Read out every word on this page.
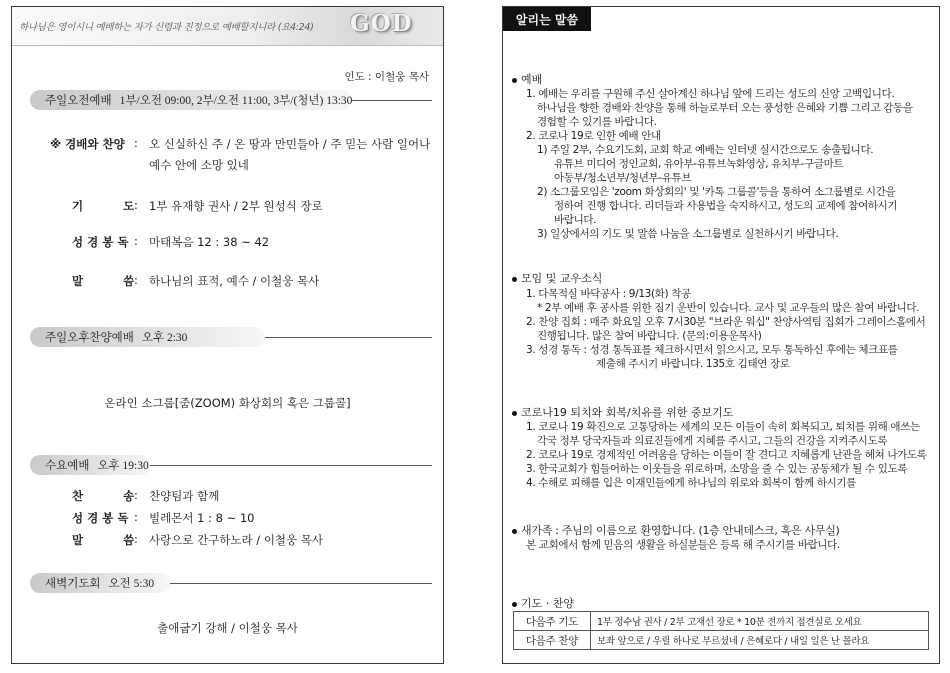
하나님은 영이시니 예배하는 자가 신령과 진정으로 예배할지니라 (요4:24) GOD
인도 : 이철웅 목사
주일오전예배 1부/오전 09:00, 2부/오전 11:00, 3부/(청년) 13:30
※ 경배와 찬양 : 오 신실하신 주 / 온 땅과 만민들아 / 주 믿는 사람 일어나
예수 안에 소망 있네
기          도 : 1부 유재향 권사 / 2부 원성식 장로
성 경 봉 독 : 마태복음 12 : 38 ~ 42
말          씀 : 하나님의 표적, 예수 / 이철웅 목사
주일오후찬양예배 오후 2:30
온라인 소그룹[줌(ZOOM) 화상회의 혹은 그룹콜]
수요예배 오후 19:30
찬          송 : 찬양팀과 함께
성 경 봉 독 : 빌레몬서 1 : 8 ~ 10
말          씀 : 사랑으로 간구하노라 / 이철웅 목사
새벽기도회 오전 5:30
출애굽기 강해 / 이철웅 목사
알리는 말씀
예배
1. 예배는 우리를 구원해 주신 살아계신 하나님 앞에 드리는 성도의 신앙 고백입니다.
하나님을 향한 경배와 찬양을 통해 하늘로부터 오는 풍성한 은혜와 기쁨 그리고 감동을
경험할 수 있기를 바랍니다.
2. 코로나 19로 인한 예배 안내
1) 주일 2부, 수요기도회, 교회 학교 예배는 인터넷 실시간으로도 송출됩니다.
유튜브 미디어 정인교회, 유아부-유튜브녹화영상, 유치부-구글마트
아동부/청소년부/청년부-유튜브
2) 소그룹모임은 'zoom 화상회의' 및 '카톡 그룹콜'등을 통하여 소그룹별로 시간을
정하여 진행 합니다. 리더들과 사용법을 숙지하시고, 성도의 교제에 참여하시기
바랍니다.
3) 일상에서의 기도 및 말씀 나눔을 소그룹별로 실천하시기 바랍니다.
모임 및 교우소식
1. 다목적실 바닥공사 : 9/13(화) 착공
* 2부 예배 후 공사를 위한 짐기 운반이 있습니다. 교사 및 교우들의 많은 참여 바랍니다.
2. 찬양 집회 : 매주 화요일 오후 7시30분 "브라운 워십" 찬양사역팀 집회가 그레이스홀에서
진행됩니다. 많은 참여 바랍니다. (문의:이용운목사)
3. 성경 통독 : 성경 통독표를 체크하시면서 읽으시고, 모두 통독하신 후에는 체크표를
제출해 주시기 바랍니다. 135호 김태연 장로
코로나19 퇴치와 회복/치유를 위한 중보기도
1. 코로나 19 확진으로 고통당하는 세계의 모든 이들이 속히 회복되고, 퇴치를 위해 애쓰는
각국 정부 당국자들과 의료진들에게 지혜를 주시고, 그들의 건강을 지켜주시도록
2. 코로나 19로 경제적인 어려움을 당하는 이들이 잘 견디고 지혜롭게 난관을 헤쳐 나가도록
3. 한국교회가 힘들어하는 이웃들을 위로하며, 소망을 줄 수 있는 공동체가 될 수 있도록
4. 수해로 피해를 입은 이재민들에게 하나님의 위로와 회복이 함께 하시기를
새가족 : 주님의 이름으로 환영합니다. (1층 안내데스크, 혹은 사무실)
본 교회에서 함께 믿음의 생활을 하실분들은 등록 해 주시기를 바랍니다.
기도 · 찬양
다음주 기도	1부 정수남 권사 / 2부 고재선 장로 * 10분 전까지 접견실로 오세요
다음주 찬양	보좌 앞으로 / 우릴 하나로 부르셨네 / 은혜로다 / 내일 일은 난 몰라요
